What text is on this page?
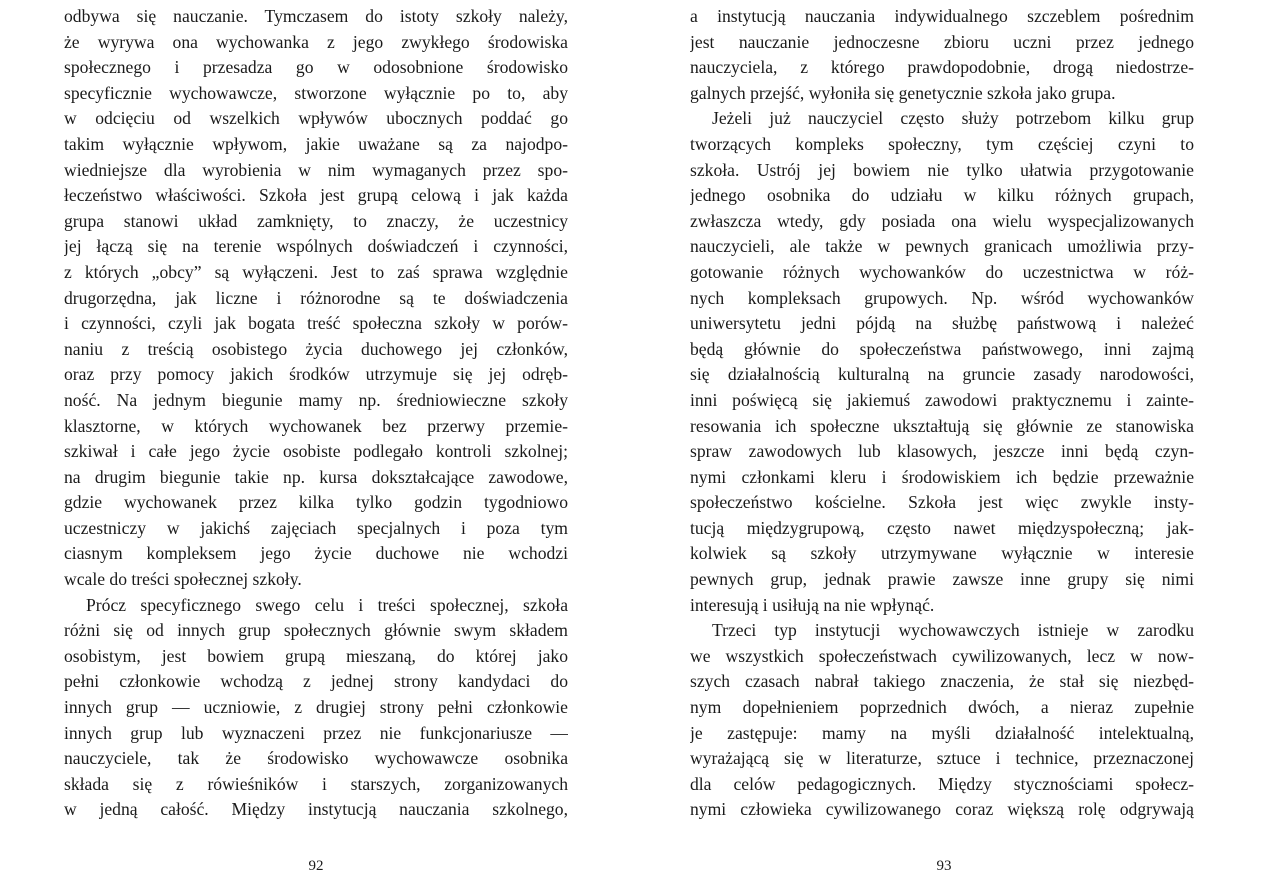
odbywa się nauczanie. Tymczasem do istoty szkoły należy,
że wyrywa ona wychowanka z jego zwykłego środowiska
społecznego i przesadza go w odosobnione środowisko
specyficznie wychowawcze, stworzone wyłącznie po to, aby
w odcięciu od wszelkich wpływów ubocznych poddać go
takim wyłącznie wpływom, jakie uważane są za najodpo-
wiedniejsze dla wyrobienia w nim wymaganych przez spo-
łeczeństwo właściwości. Szkoła jest grupą celową i jak każda
grupa stanowi układ zamknięty, to znaczy, że uczestnicy
jej łączą się na terenie wspólnych doświadczeń i czynności,
z których „obcy” są wyłączeni. Jest to zaś sprawa względnie
drugorzędna, jak liczne i różnorodne są te doświadczenia
i czynności, czyli jak bogata treść społeczna szkoły w porów-
naniu z treścią osobistego życia duchowego jej członków,
oraz przy pomocy jakich środków utrzymuje się jej odręb-
ność. Na jednym biegunie mamy np. średniowieczne szkoły
klasztorne, w których wychowanek bez przerwy przemie-
szkiwał i całe jego życie osobiste podlegało kontroli szkolnej;
na drugim biegunie takie np. kursa dokształcające zawodowe,
gdzie wychowanek przez kilka tylko godzin tygodniowo
uczestniczy w jakichś zajęciach specjalnych i poza tym
ciasnym kompleksem jego życie duchowe nie wchodzi
wcale do treści społecznej szkoły.
Prócz specyficznego swego celu i treści społecznej, szkoła
różni się od innych grup społecznych głównie swym składem
osobistym, jest bowiem grupą mieszaną, do której jako
pełni członkowie wchodzą z jednej strony kandydaci do
innych grup — uczniowie, z drugiej strony pełni członkowie
innych grup lub wyznaczeni przez nie funkcjonariusze —
nauczyciele, tak że środowisko wychowawcze osobnika
składa się z rówieśników i starszych, zorganizowanych
w jedną całość. Między instytucją nauczania szkolnego,
92
a instytucją nauczania indywidualnego szczeblem pośrednim
jest nauczanie jednoczesne zbioru uczni przez jednego
nauczyciela, z którego prawdopodobnie, drogą niedostrze-
galnych przejść, wyłoniła się genetycznie szkoła jako grupa.
Jeżeli już nauczyciel często służy potrzebom kilku grup
tworzących kompleks społeczny, tym częściej czyni to
szkoła. Ustrój jej bowiem nie tylko ułatwia przygotowanie
jednego osobnika do udziału w kilku różnych grupach,
zwłaszcza wtedy, gdy posiada ona wielu wyspecjalizowanych
nauczycieli, ale także w pewnych granicach umożliwia przy-
gotowanie różnych wychowanków do uczestnictwa w róż-
nych kompleksach grupowych. Np. wśród wychowanków
uniwersytetu jedni pójdą na służbę państwową i należeć
będą głównie do społeczeństwa państwowego, inni zajmą
się działalnością kulturalną na gruncie zasady narodowości,
inni poświęcą się jakiemuś zawodowi praktycznemu i zainte-
resowania ich społeczne ukształtują się głównie ze stanowiska
spraw zawodowych lub klasowych, jeszcze inni będą czyn-
nymi członkami kleru i środowiskiem ich będzie przeważnie
społeczeństwo kościelne. Szkoła jest więc zwykle insty-
tucją międzygrupową, często nawet międzyspołeczną; jak-
kolwiek są szkoły utrzymywane wyłącznie w interesie
pewnych grup, jednak prawie zawsze inne grupy się nimi
interesują i usiłują na nie wpłynąć.
Trzeci typ instytucji wychowawczych istnieje w zarodku
we wszystkich społeczeństwach cywilizowanych, lecz w now-
szych czasach nabrał takiego znaczenia, że stał się niezbęd-
nym dopełnieniem poprzednich dwóch, a nieraz zupełnie
je zastępuje: mamy na myśli działalność intelektualną,
wyrażającą się w literaturze, sztuce i technice, przeznaczonej
dla celów pedagogicznych. Między stycznościami społecz-
nymi człowieka cywilizowanego coraz większą rolę odgrywają
93
